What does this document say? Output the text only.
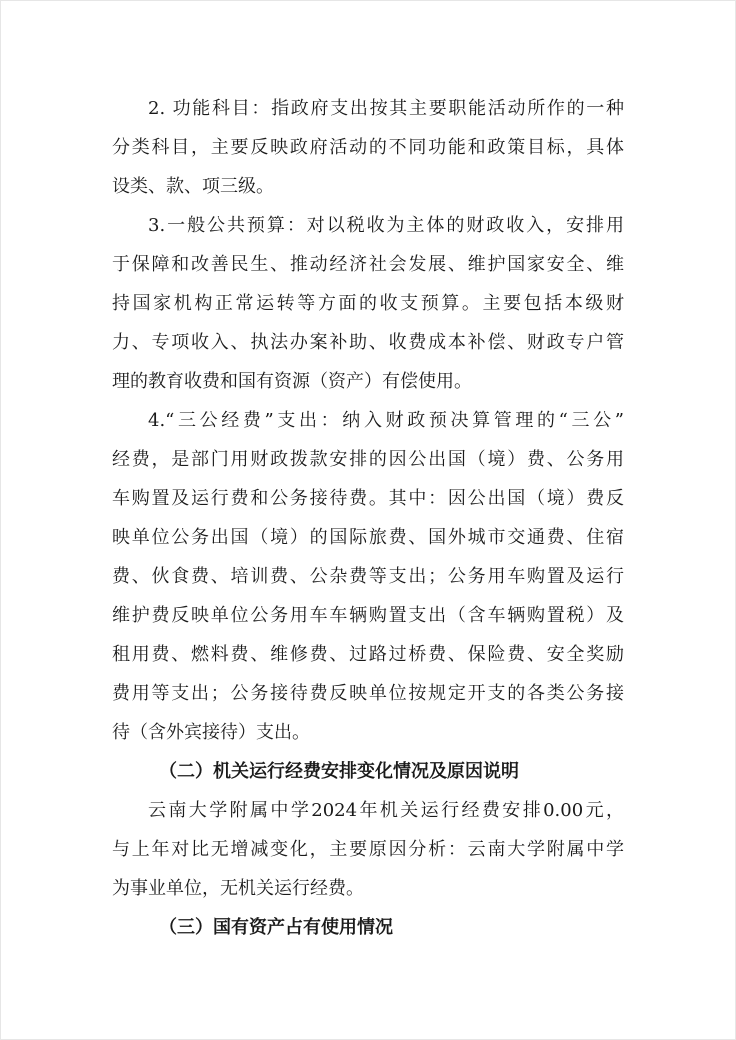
2. 功能科目：指政府支出按其主要职能活动所作的一种

分类科目，主要反映政府活动的不同功能和政策目标，具体

设类、款、项三级。

3.一般公共预算：对以税收为主体的财政收入，安排用

于保障和改善民生、推动经济社会发展、维护国家安全、维

持国家机构正常运转等方面的收支预算。主要包括本级财

力、专项收入、执法办案补助、收费成本补偿、财政专户管

理的教育收费和国有资源（资产）有偿使用。

4.“三公经费”支出：纳入财政预决算管理的“三公”

经费，是部门用财政拨款安排的因公出国（境）费、公务用

车购置及运行费和公务接待费。其中：因公出国（境）费反

映单位公务出国（境）的国际旅费、国外城市交通费、住宿

费、伙食费、培训费、公杂费等支出；公务用车购置及运行

维护费反映单位公务用车车辆购置支出（含车辆购置税）及

租用费、燃料费、维修费、过路过桥费、保险费、安全奖励

费用等支出；公务接待费反映单位按规定开支的各类公务接

待（含外宾接待）支出。

（二）机关运行经费安排变化情况及原因说明

云南大学附属中学2024年机关运行经费安排0.00元，

与上年对比无增减变化，主要原因分析：云南大学附属中学

为事业单位，无机关运行经费。

（三）国有资产占有使用情况
